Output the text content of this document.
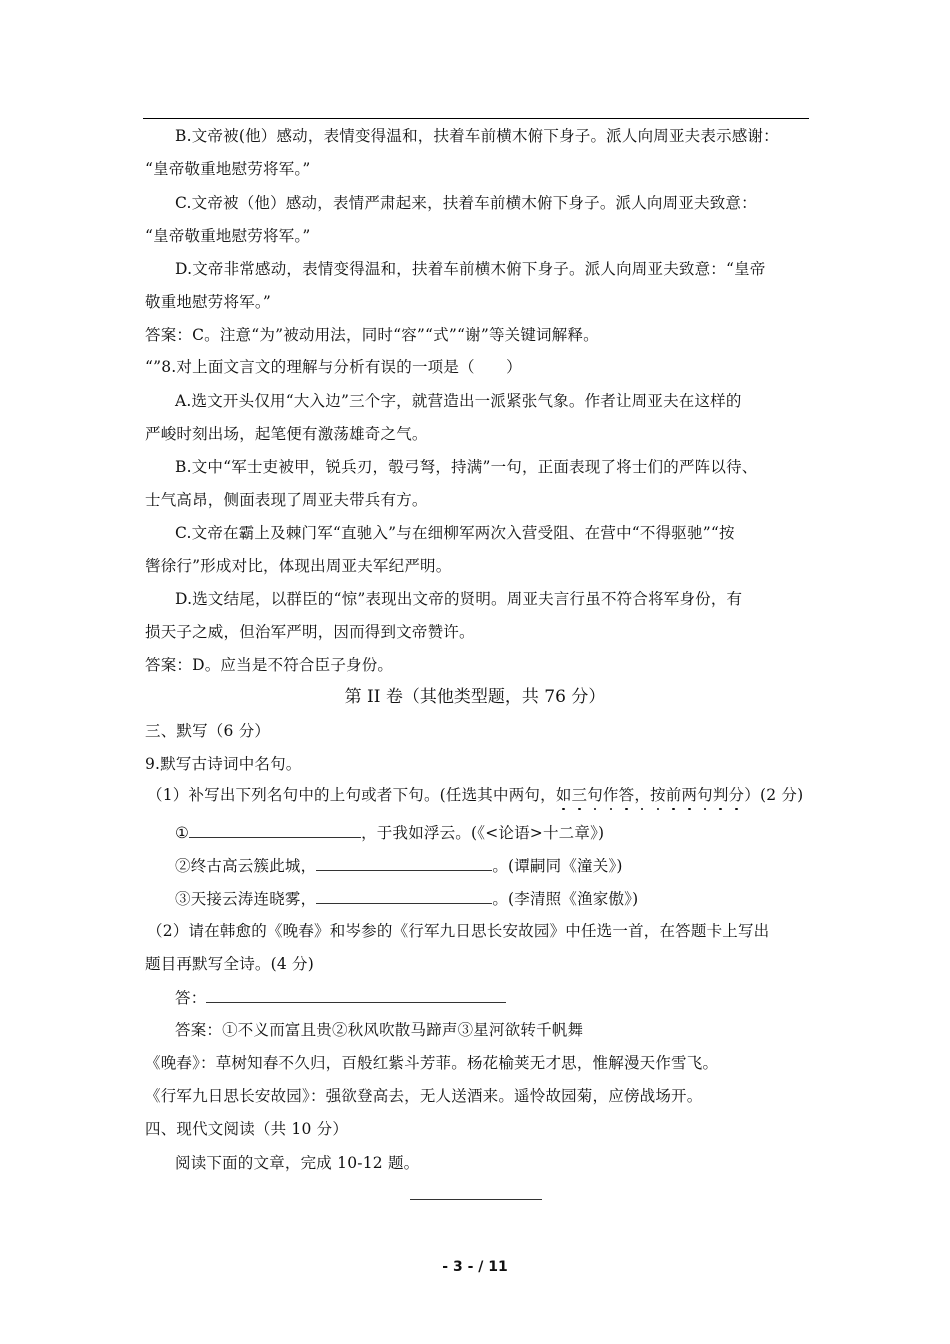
B.文帝被(他）感动，表情变得温和，扶着车前横木俯下身子。派人向周亚夫表示感谢：
“皇帝敬重地慰劳将军。”
C.文帝被（他）感动，表情严肃起来，扶着车前横木俯下身子。派人向周亚夫致意：
“皇帝敬重地慰劳将军。”
D.文帝非常感动，表情变得温和，扶着车前横木俯下身子。派人向周亚夫致意：“皇帝
敬重地慰劳将军。”
答案：C。注意“为”被动用法，同时“容”“式”“谢”等关键词解释。
“”8.对上面文言文的理解与分析有误的一项是（　　）
A.选文开头仅用“大入边”三个字，就营造出一派紧张气象。作者让周亚夫在这样的
严峻时刻出场，起笔便有激荡雄奇之气。
B.文中“军士吏被甲，锐兵刃，彀弓弩，持满”一句，正面表现了将士们的严阵以待、
士气高昂，侧面表现了周亚夫带兵有方。
C.文帝在霸上及棘门军“直驰入”与在细柳军两次入营受阻、在营中“不得驱驰”“按
辔徐行”形成对比，体现出周亚夫军纪严明。
D.选文结尾，以群臣的“惊”表现出文帝的贤明。周亚夫言行虽不符合将军身份，有
损天子之威，但治军严明，因而得到文帝赞许。
答案：D。应当是不符合臣子身份。
第 II 卷（其他类型题，共 76 分）
三、默写（6 分）
9.默写古诗词中名句。
（1）补写出下列名句中的上句或者下句。(任选其中两句，如三句作答，按前两句判分）(2 分)
①	，于我如浮云。(《<论语>十二章》)
②终古高云簇此城，	。(谭嗣同《潼关》)
③天接云涛连晓雾，	。(李清照《渔家傲》)
（2）请在韩愈的《晚春》和岑参的《行军九日思长安故园》中任选一首，在答题卡上写出
题目再默写全诗。(4 分)
答：
答案：①不义而富且贵②秋风吹散马蹄声③星河欲转千帆舞
《晚春》：草树知春不久归，百般红紫斗芳菲。杨花榆荚无才思，惟解漫天作雪飞。
《行军九日思长安故园》：强欲登高去，无人送酒来。遥怜故园菊，应傍战场开。
四、现代文阅读（共 10 分）
阅读下面的文章，完成 10-12 题。
- 3 - / 11
